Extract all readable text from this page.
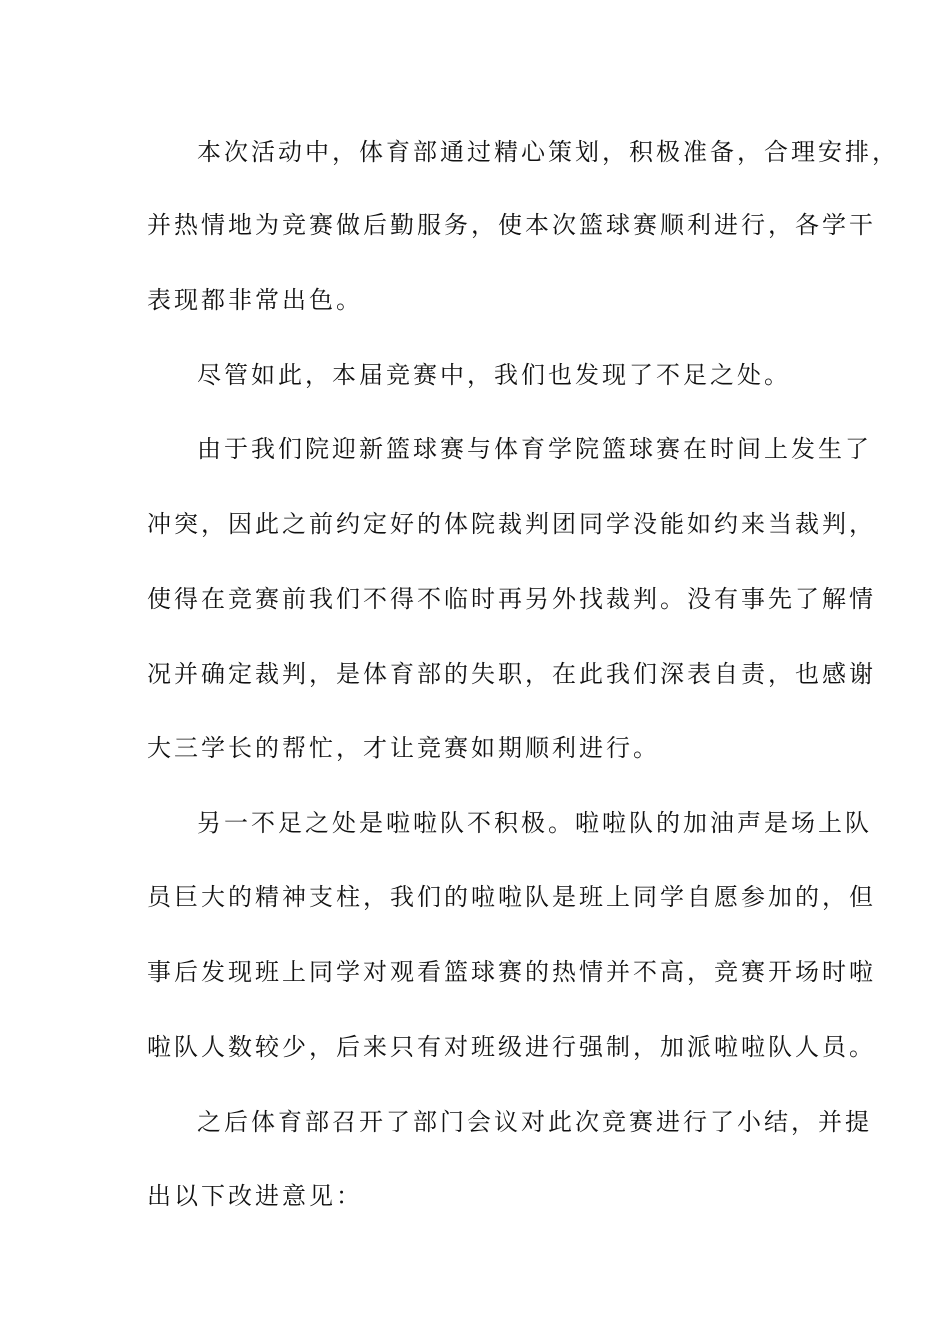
本次活动中，体育部通过精心策划，积极准备，合理安排，
并热情地为竞赛做后勤服务，使本次篮球赛顺利进行，各学干
表现都非常出色。
尽管如此，本届竞赛中，我们也发现了不足之处。
由于我们院迎新篮球赛与体育学院篮球赛在时间上发生了
冲突，因此之前约定好的体院裁判团同学没能如约来当裁判，
使得在竞赛前我们不得不临时再另外找裁判。没有事先了解情
况并确定裁判，是体育部的失职，在此我们深表自责，也感谢
大三学长的帮忙，才让竞赛如期顺利进行。
另一不足之处是啦啦队不积极。啦啦队的加油声是场上队
员巨大的精神支柱，我们的啦啦队是班上同学自愿参加的，但
事后发现班上同学对观看篮球赛的热情并不高，竞赛开场时啦
啦队人数较少，后来只有对班级进行强制，加派啦啦队人员。
之后体育部召开了部门会议对此次竞赛进行了小结，并提
出以下改进意见：
